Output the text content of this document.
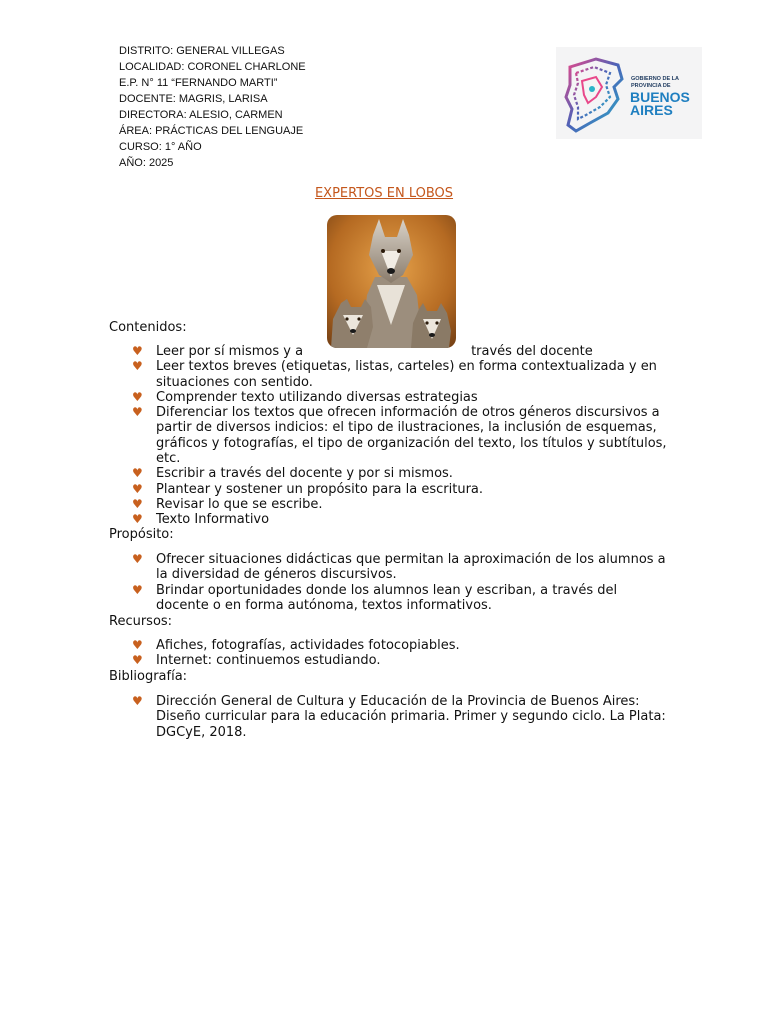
DISTRITO: GENERAL VILLEGAS
LOCALIDAD: CORONEL CHARLONE
E.P. N° 11 “FERNANDO MARTI”
DOCENTE: MAGRIS, LARISA
DIRECTORA: ALESIO, CARMEN
ÁREA: PRÁCTICAS DEL LENGUAJE
CURSO: 1° AÑO
AÑO: 2025
GOBIERNO DE LA
PROVINCIA DE
BUENOS
AIRES
EXPERTOS EN LOBOS
Contenidos:
♥ Leer por sí mismos y a	través del docente
♥ Leer textos breves (etiquetas, listas, carteles) en forma contextualizada y en situaciones con sentido.
♥ Comprender texto utilizando diversas estrategias
♥ Diferenciar los textos que ofrecen información de otros géneros discursivos a partir de diversos indicios: el tipo de ilustraciones, la inclusión de esquemas, gráficos y fotografías, el tipo de organización del texto, los títulos y subtítulos, etc.
♥ Escribir a través del docente y por si mismos.
♥ Plantear y sostener un propósito para la escritura.
♥ Revisar lo que se escribe.
♥ Texto Informativo
Propósito:
♥ Ofrecer situaciones didácticas que permitan la aproximación de los alumnos a la diversidad de géneros discursivos.
♥ Brindar oportunidades donde los alumnos lean y escriban, a través del docente o en forma autónoma, textos informativos.
Recursos:
♥ Afiches, fotografías, actividades fotocopiables.
♥ Internet: continuemos estudiando.
Bibliografía:
♥ Dirección General de Cultura y Educación de la Provincia de Buenos Aires: Diseño curricular para la educación primaria. Primer y segundo ciclo. La Plata: DGCyE, 2018.
